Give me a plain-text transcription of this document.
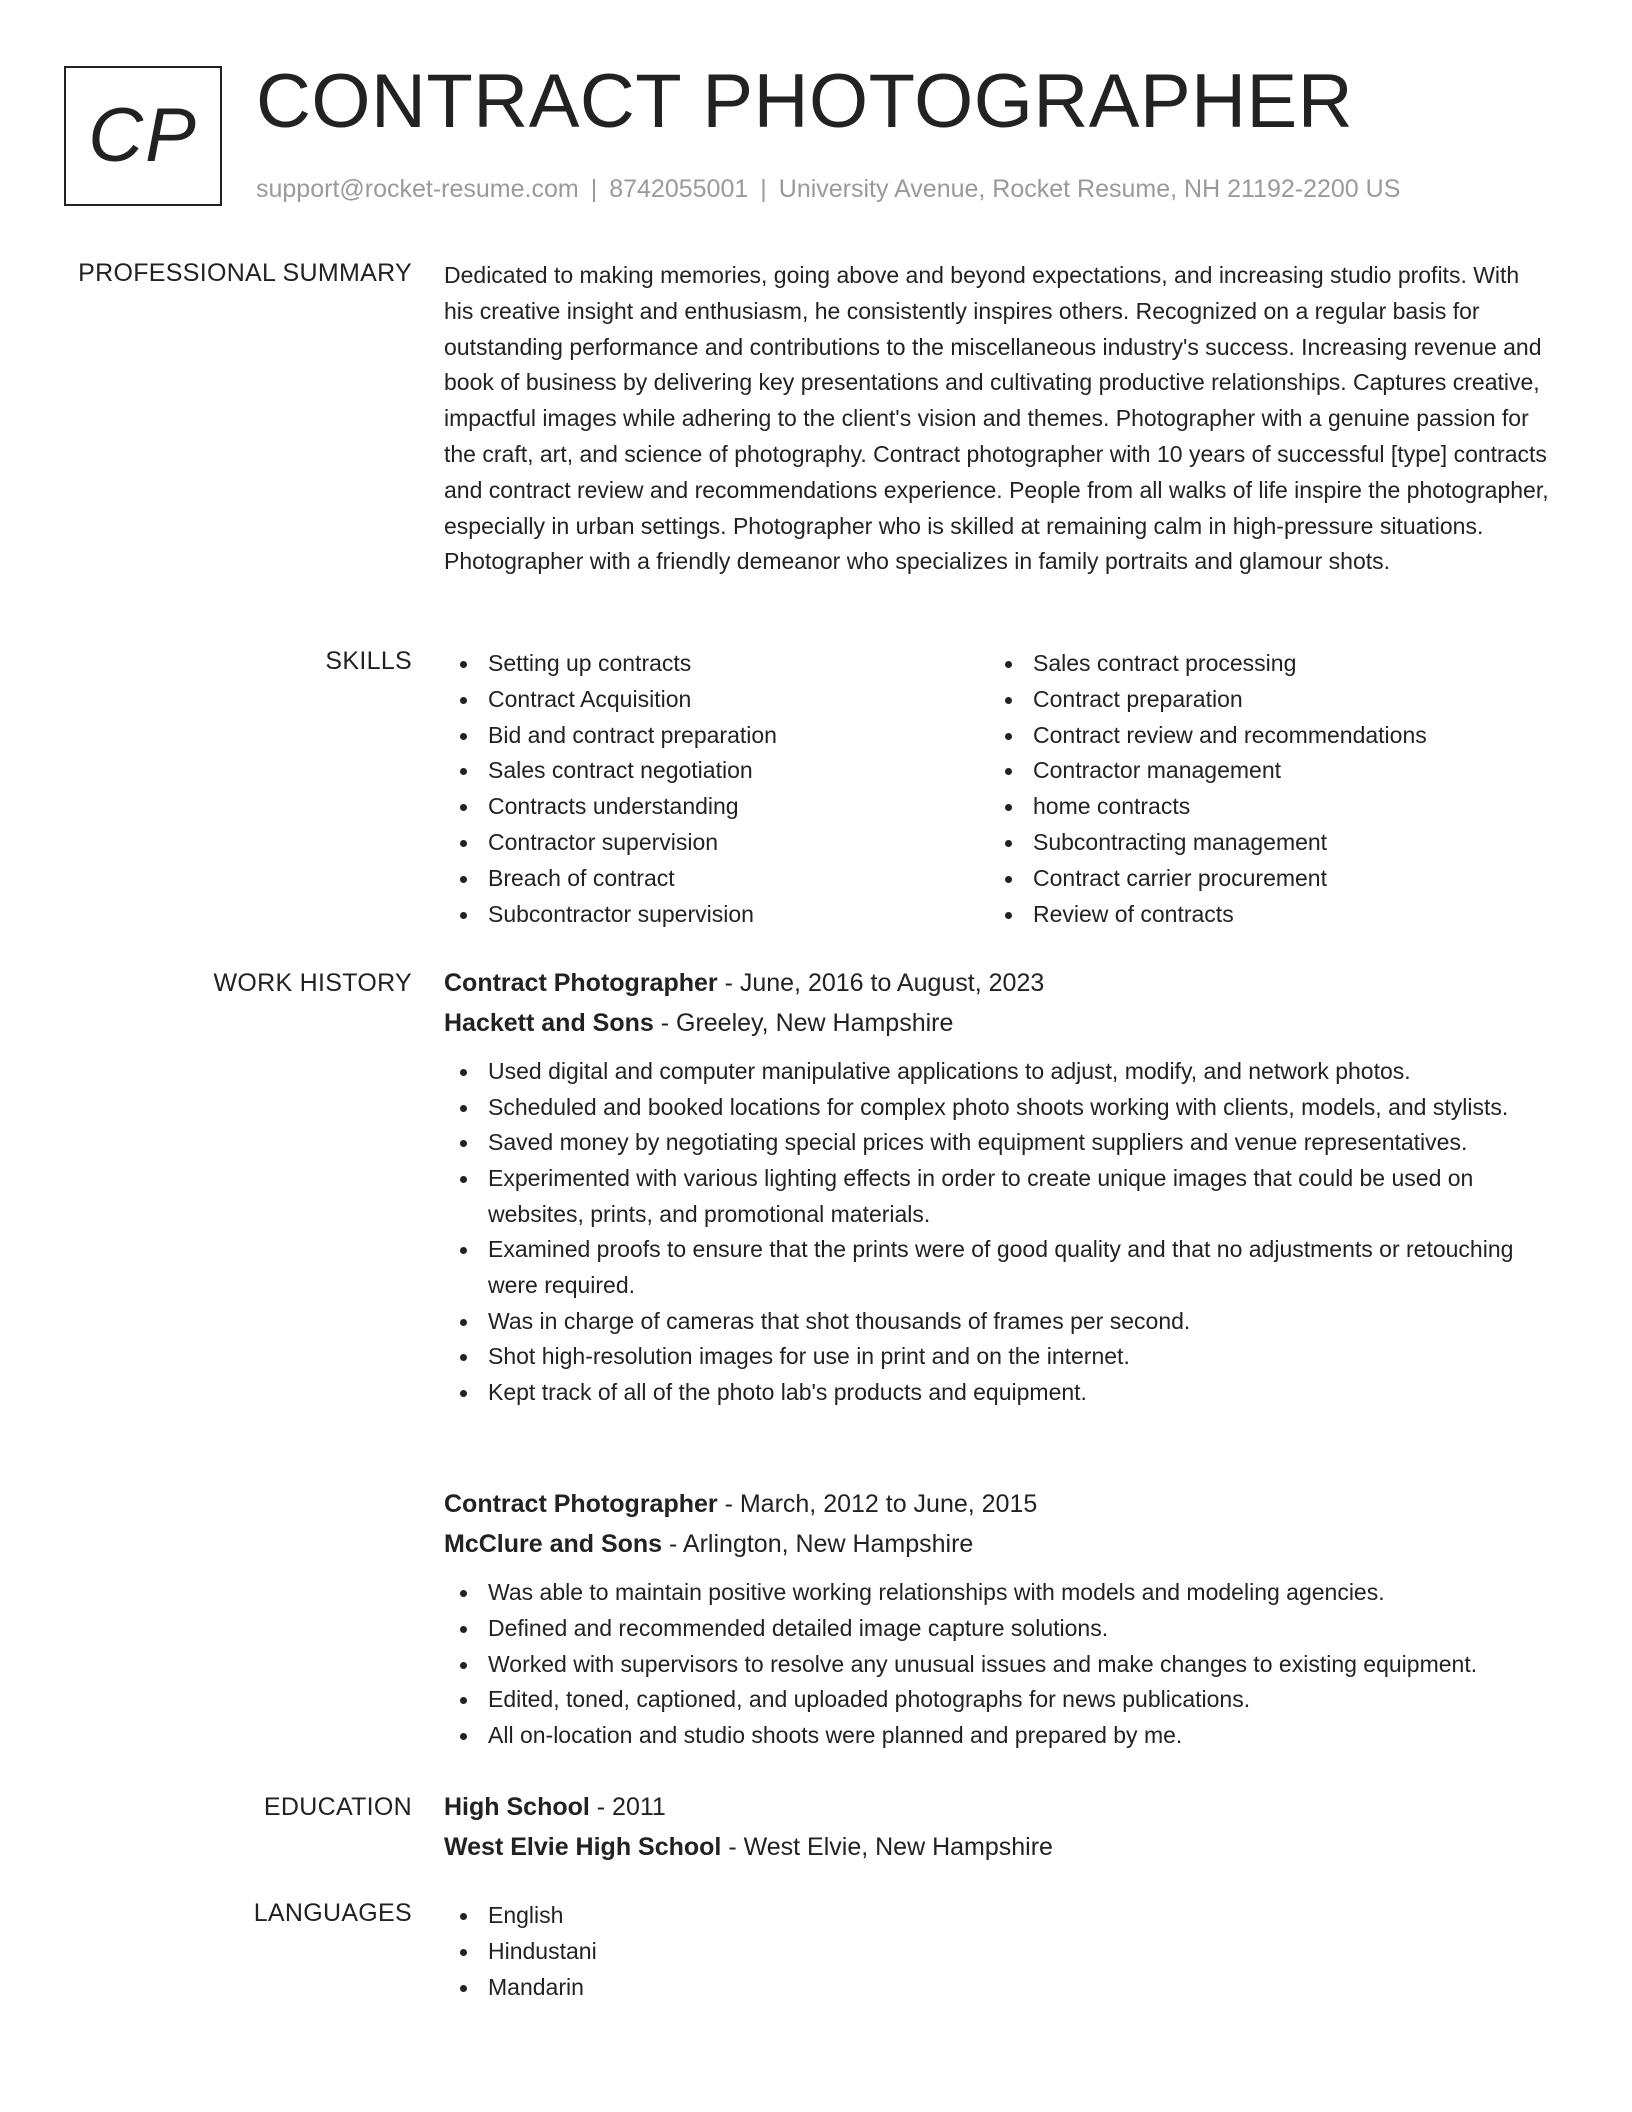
CP CONTRACT PHOTOGRAPHER
support@rocket-resume.com | 8742055001 | University Avenue, Rocket Resume, NH 21192-2200 US
PROFESSIONAL SUMMARY Dedicated to making memories, going above and beyond expectations, and increasing studio profits. With his creative insight and enthusiasm, he consistently inspires others. Recognized on a regular basis for outstanding performance and contributions to the miscellaneous industry's success. Increasing revenue and book of business by delivering key presentations and cultivating productive relationships. Captures creative, impactful images while adhering to the client's vision and themes. Photographer with a genuine passion for the craft, art, and science of photography. Contract photographer with 10 years of successful [type] contracts and contract review and recommendations experience. People from all walks of life inspire the photographer, especially in urban settings. Photographer who is skilled at remaining calm in high-pressure situations. Photographer with a friendly demeanor who specializes in family portraits and glamour shots.

SKILLS	Setting up contracts
Contract Acquisition
Bid and contract preparation
Sales contract negotiation
Contracts understanding
Contractor supervision
Breach of contract
Subcontractor supervision
Sales contract processing
Contract preparation
Contract review and recommendations
Contractor management
home contracts
Subcontracting management
Contract carrier procurement
Review of contracts
WORK HISTORY Contract Photographer - June, 2016 to August, 2023
Hackett and Sons - Greeley, New Hampshire
Used digital and computer manipulative applications to adjust, modify, and network photos.
Scheduled and booked locations for complex photo shoots working with clients, models, and stylists.
Saved money by negotiating special prices with equipment suppliers and venue representatives.
Experimented with various lighting effects in order to create unique images that could be used on websites, prints, and promotional materials.
Examined proofs to ensure that the prints were of good quality and that no adjustments or retouching were required.
Was in charge of cameras that shot thousands of frames per second.
Shot high-resolution images for use in print and on the internet.
Kept track of all of the photo lab's products and equipment.
Contract Photographer - March, 2012 to June, 2015
McClure and Sons - Arlington, New Hampshire
Was able to maintain positive working relationships with models and modeling agencies.
Defined and recommended detailed image capture solutions.
Worked with supervisors to resolve any unusual issues and make changes to existing equipment.
Edited, toned, captioned, and uploaded photographs for news publications.
All on-location and studio shoots were planned and prepared by me.
EDUCATION High School - 2011
West Elvie High School - West Elvie, New Hampshire
LANGUAGES	English
Hindustani
Mandarin
